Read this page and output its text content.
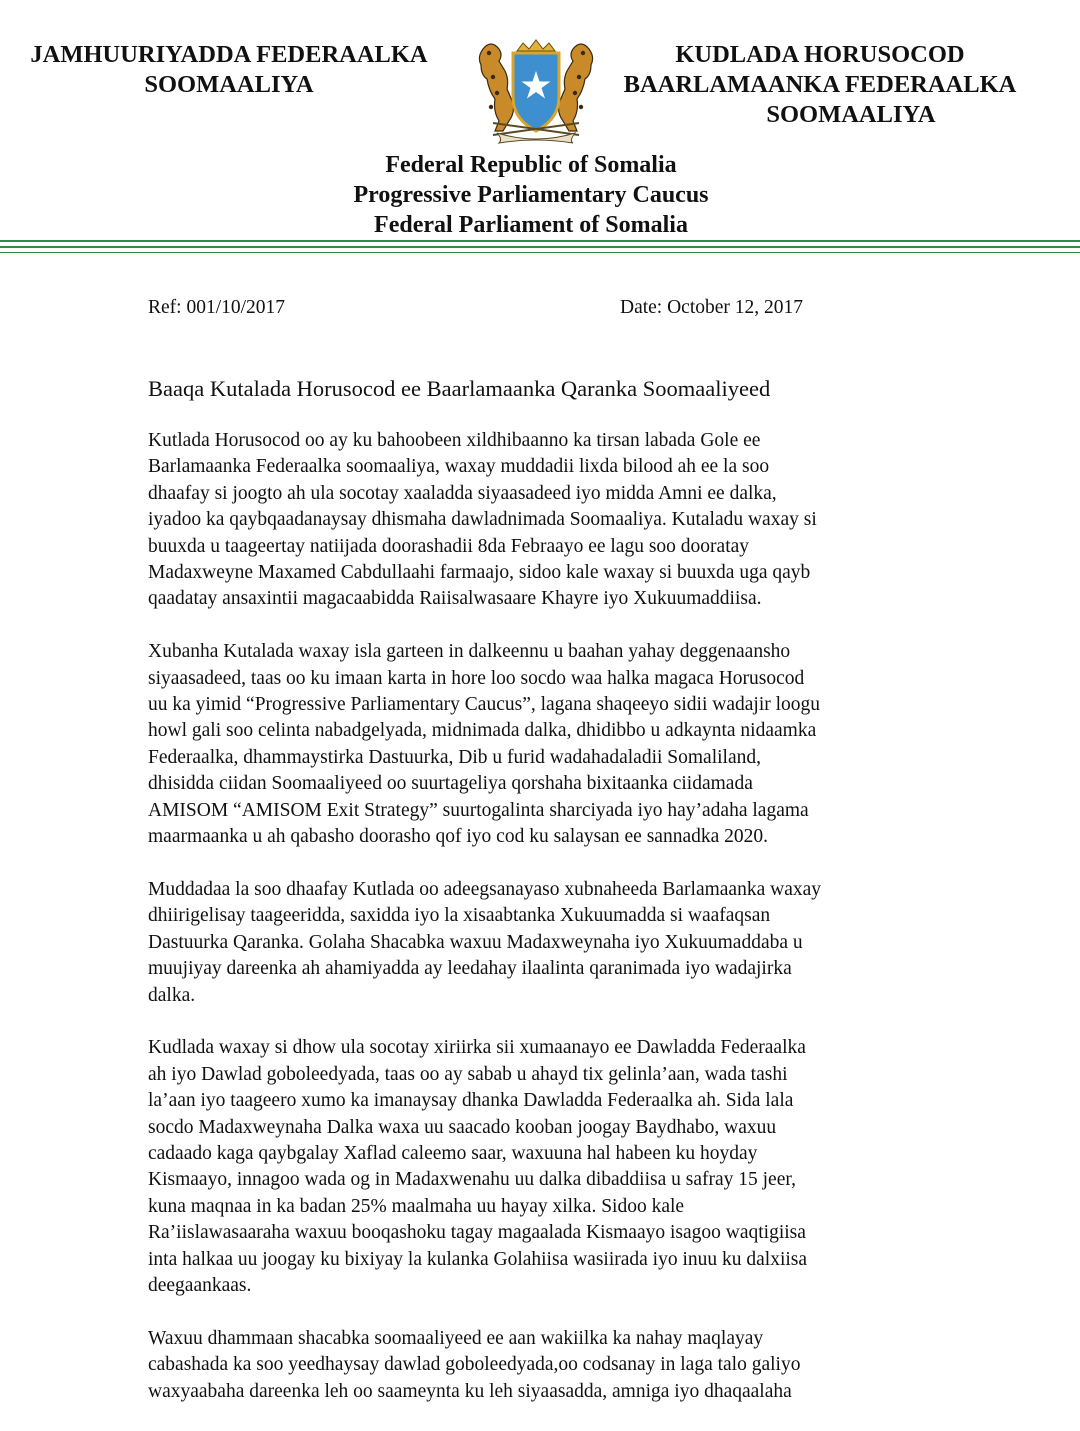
JAMHUURIYADDA FEDERAALKA
SOOMAALIYA
KUDLADA HORUSOCOD
BAARLAMAANKA FEDERAALKA
SOOMAALIYA
Federal Republic of Somalia
Progressive Parliamentary Caucus
Federal Parliament of Somalia
Ref: 001/10/2017	Date: October 12, 2017
Baaqa Kutalada Horusocod ee Baarlamaanka Qaranka Soomaaliyeed

Kutlada Horusocod oo ay ku bahoobeen xildhibaanno ka tirsan labada Gole ee
Barlamaanka Federaalka soomaaliya, waxay muddadii lixda bilood ah ee la soo
dhaafay si joogto ah ula socotay xaaladda siyaasadeed iyo midda Amni ee dalka,
iyadoo ka qaybqaadanaysay dhismaha dawladnimada Soomaaliya. Kutaladu waxay si
buuxda u taageertay natiijada doorashadii 8da Febraayo ee lagu soo dooratay
Madaxweyne Maxamed Cabdullaahi farmaajo, sidoo kale waxay si buuxda uga qayb
qaadatay ansaxintii magacaabidda Raiisalwasaare Khayre iyo Xukuumaddiisa.

Xubanha Kutalada waxay isla garteen in dalkeennu u baahan yahay deggenaansho
siyaasadeed, taas oo ku imaan karta in hore loo socdo waa halka magaca Horusocod
uu ka yimid “Progressive Parliamentary Caucus”, lagana shaqeeyo sidii wadajir loogu
howl gali soo celinta nabadgelyada, midnimada dalka, dhidibbo u adkaynta nidaamka
Federaalka, dhammaystirka Dastuurka, Dib u furid wadahadaladii Somaliland,
dhisidda ciidan Soomaaliyeed oo suurtageliya qorshaha bixitaanka ciidamada
AMISOM “AMISOM Exit Strategy” suurtogalinta sharciyada iyo hay’adaha lagama
maarmaanka u ah qabasho doorasho qof iyo cod ku salaysan ee sannadka 2020.

Muddadaa la soo dhaafay Kutlada oo adeegsanayaso xubnaheeda Barlamaanka waxay
dhiirigelisay taageeridda, saxidda iyo la xisaabtanka Xukuumadda si waafaqsan
Dastuurka Qaranka. Golaha Shacabka waxuu Madaxweynaha iyo Xukuumaddaba u
muujiyay dareenka ah ahamiyadda ay leedahay ilaalinta qaranimada iyo wadajirka
dalka.

Kudlada waxay si dhow ula socotay xiriirka sii xumaanayo ee Dawladda Federaalka
ah iyo Dawlad goboleedyada, taas oo ay sabab u ahayd tix gelinla’aan, wada tashi
la’aan iyo taageero xumo ka imanaysay dhanka Dawladda Federaalka ah. Sida lala
socdo Madaxweynaha Dalka waxa uu saacado kooban joogay Baydhabo, waxuu
cadaado kaga qaybgalay Xaflad caleemo saar, waxuuna hal habeen ku hoyday
Kismaayo, innagoo wada og in Madaxwenahu uu dalka dibaddiisa u safray 15 jeer,
kuna maqnaa in ka badan 25% maalmaha uu hayay xilka. Sidoo kale
Ra’iislawasaaraha waxuu booqashoku tagay magaalada Kismaayo isagoo waqtigiisa
inta halkaa uu joogay ku bixiyay la kulanka Golahiisa wasiirada iyo inuu ku dalxiisa
deegaankaas.

Waxuu dhammaan shacabka soomaaliyeed ee aan wakiilka ka nahay maqlayay
cabashada ka soo yeedhaysay dawlad goboleedyada,oo codsanay in laga talo galiyo
waxyaabaha dareenka leh oo saameynta ku leh siyaasadda, amniga iyo dhaqaalaha
